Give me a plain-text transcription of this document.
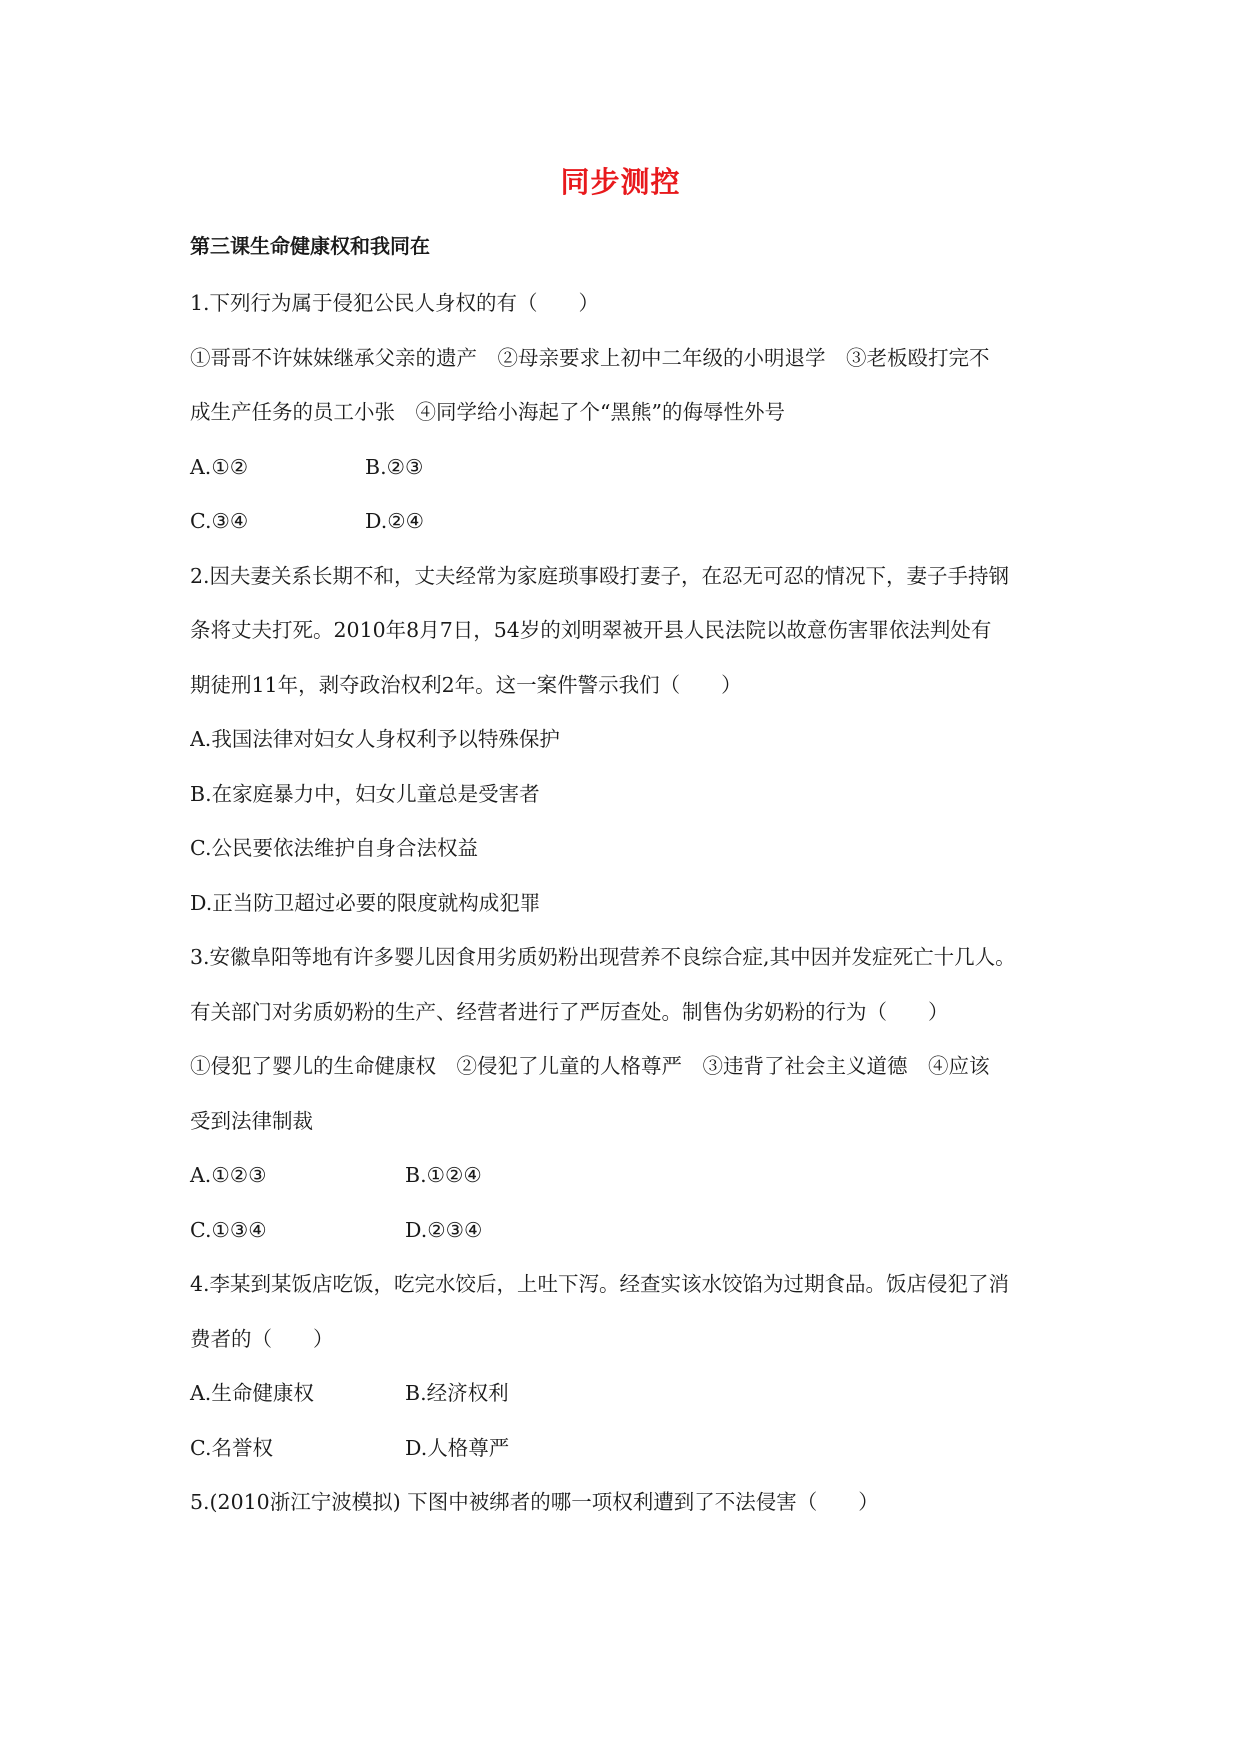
同步测控
第三课生命健康权和我同在
1.下列行为属于侵犯公民人身权的有（　　）
①哥哥不许妹妹继承父亲的遗产　②母亲要求上初中二年级的小明退学　③老板殴打完不
成生产任务的员工小张　④同学给小海起了个“黑熊”的侮辱性外号
A.①②	B.②③
C.③④	D.②④
2.因夫妻关系长期不和，丈夫经常为家庭琐事殴打妻子，在忍无可忍的情况下，妻子手持钢
条将丈夫打死。2010年8月7日，54岁的刘明翠被开县人民法院以故意伤害罪依法判处有
期徒刑11年，剥夺政治权利2年。这一案件警示我们（　　）
A.我国法律对妇女人身权利予以特殊保护
B.在家庭暴力中，妇女儿童总是受害者
C.公民要依法维护自身合法权益
D.正当防卫超过必要的限度就构成犯罪
3.安徽阜阳等地有许多婴儿因食用劣质奶粉出现营养不良综合症,其中因并发症死亡十几人。
有关部门对劣质奶粉的生产、经营者进行了严厉查处。制售伪劣奶粉的行为（　　）
①侵犯了婴儿的生命健康权　②侵犯了儿童的人格尊严　③违背了社会主义道德　④应该
受到法律制裁
A.①②③	B.①②④
C.①③④	D.②③④
4.李某到某饭店吃饭，吃完水饺后，上吐下泻。经查实该水饺馅为过期食品。饭店侵犯了消
费者的（　　）
A.生命健康权	B.经济权利
C.名誉权	D.人格尊严
5.(2010浙江宁波模拟) 下图中被绑者的哪一项权利遭到了不法侵害（　　）
